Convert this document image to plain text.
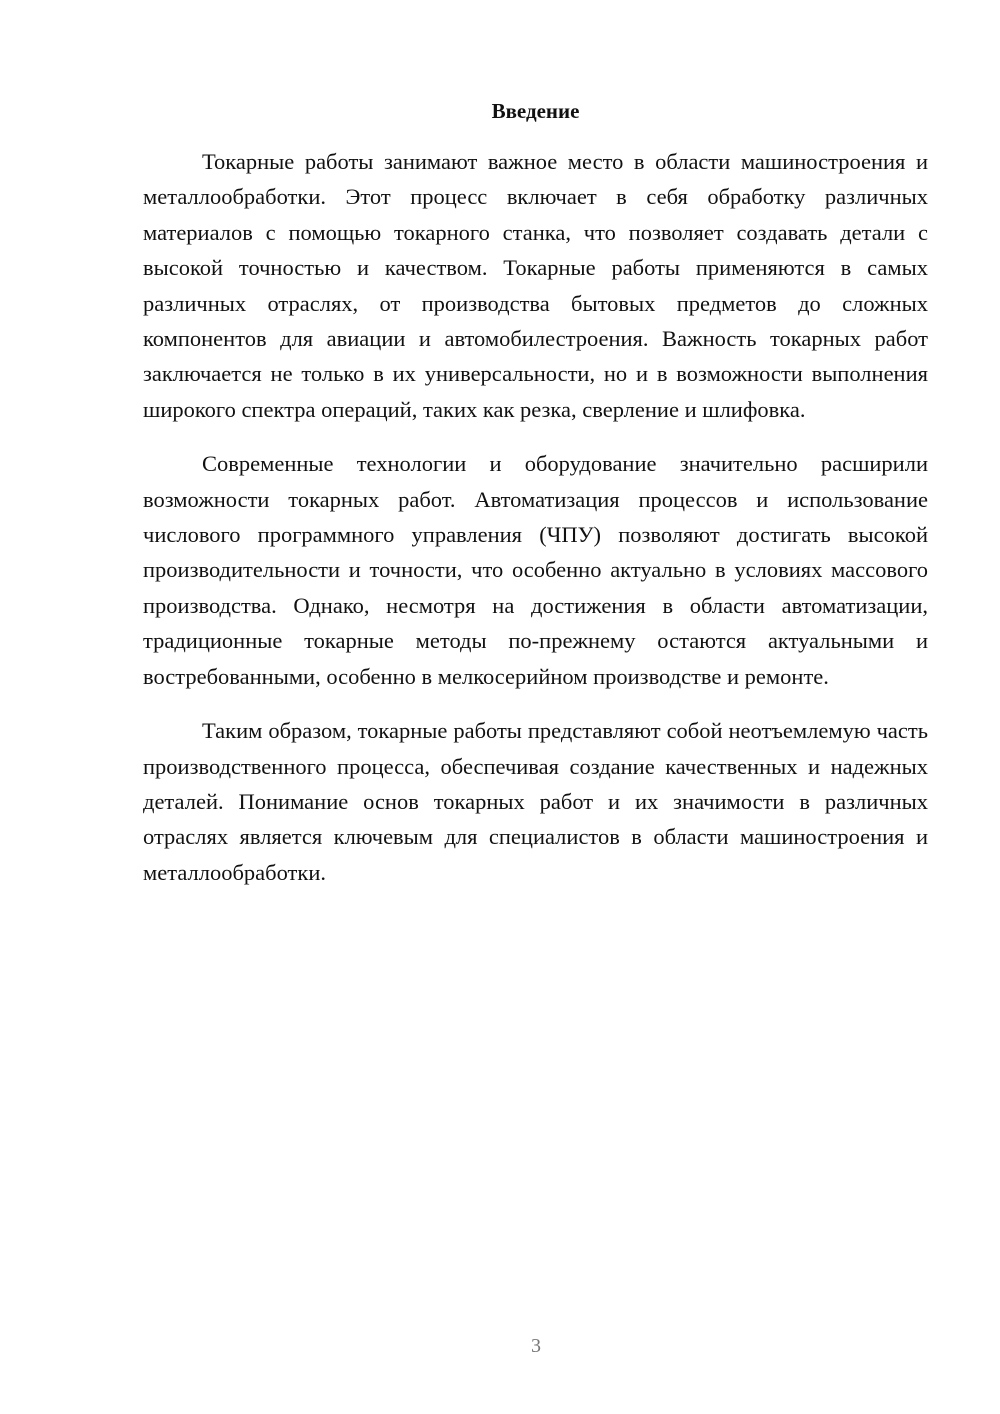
Введение

Токарные работы занимают важное место в области машиностроения и металлообработки. Этот процесс включает в себя обработку различных материалов с помощью токарного станка, что позволяет создавать детали с высокой точностью и качеством. Токарные работы применяются в самых различных отраслях, от производства бытовых предметов до сложных компонентов для авиации и автомобилестроения. Важность токарных работ заключается не только в их универсальности, но и в возможности выполнения широкого спектра операций, таких как резка, сверление и шлифовка.

Современные технологии и оборудование значительно расширили возможности токарных работ. Автоматизация процессов и использование числового программного управления (ЧПУ) позволяют достигать высокой производительности и точности, что особенно актуально в условиях массового производства. Однако, несмотря на достижения в области автоматизации, традиционные токарные методы по-прежнему остаются актуальными и востребованными, особенно в мелкосерийном производстве и ремонте.

Таким образом, токарные работы представляют собой неотъемлемую часть производственного процесса, обеспечивая создание качественных и надежных деталей. Понимание основ токарных работ и их значимости в различных отраслях является ключевым для специалистов в области машиностроения и металлообработки.

3
